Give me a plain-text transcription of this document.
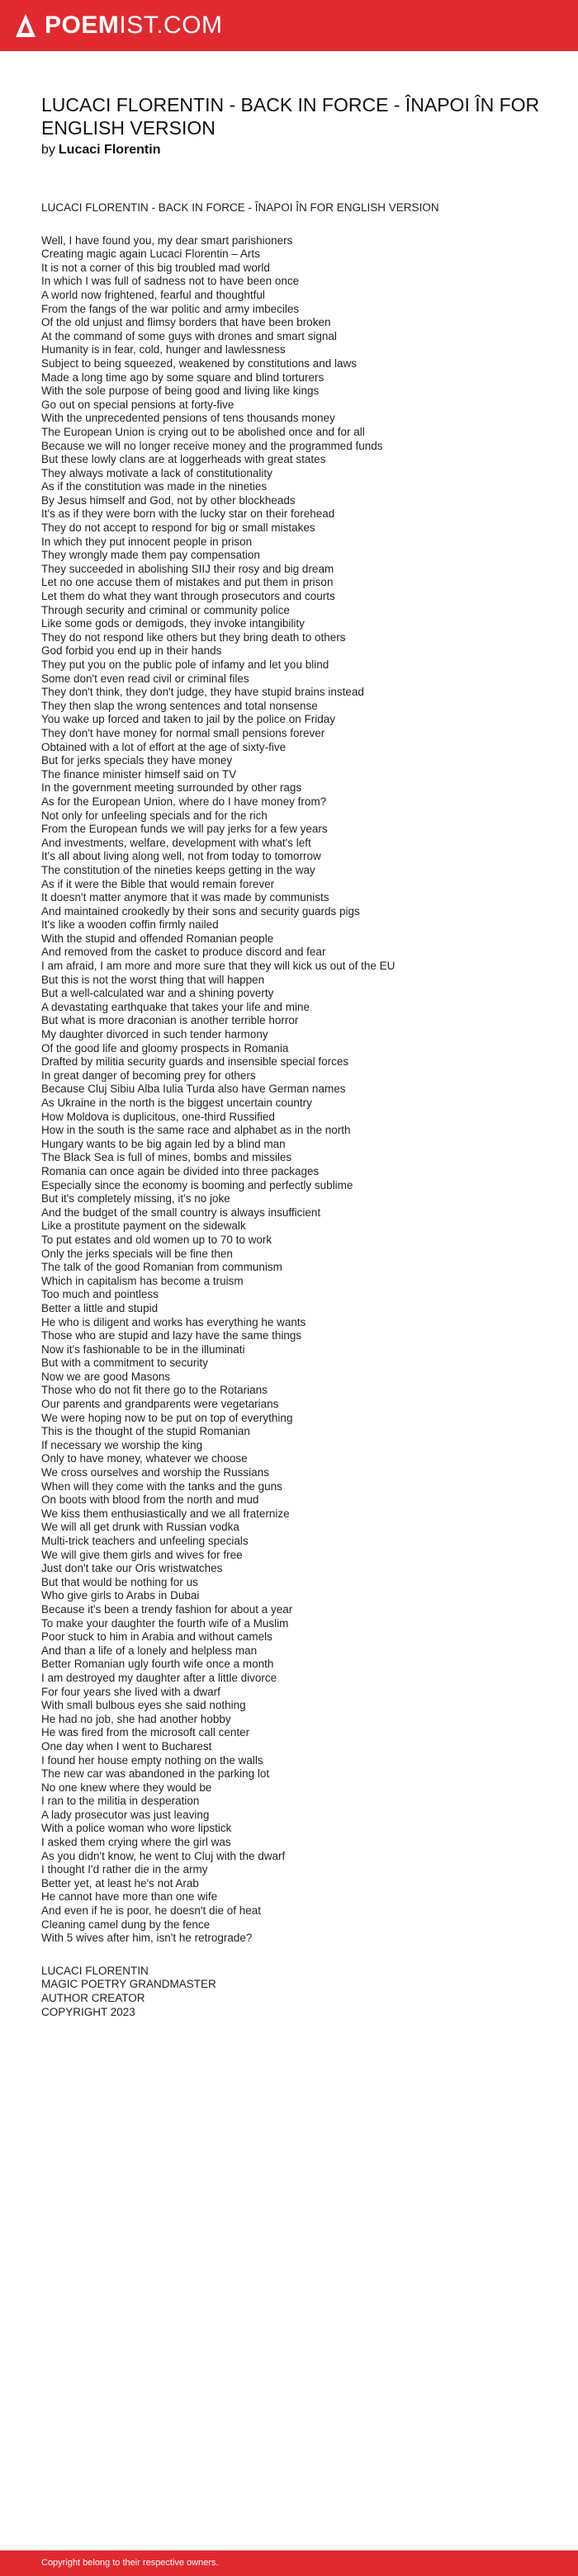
POEMIST.COM
LUCACI FLORENTIN - BACK IN FORCE - ÎNAPOI ÎN FOR ENGLISH VERSION
by Lucaci Florentin
LUCACI FLORENTIN - BACK IN FORCE - ÎNAPOI ÎN FOR ENGLISH VERSION
Well, I have found you, my dear smart parishioners
Creating magic again Lucaci Florentin – Arts
It is not a corner of this big troubled mad world
In which I was full of sadness not to have been once
A world now frightened, fearful and thoughtful
From the fangs of the war politic and army imbeciles
Of the old unjust and flimsy borders that have been broken
At the command of some guys with drones and smart signal
Humanity is in fear, cold, hunger and lawlessness
Subject to being squeezed, weakened by constitutions and laws
Made a long time ago by some square and blind torturers
With the sole purpose of being good and living like kings
Go out on special pensions at forty-five
With the unprecedented pensions of tens thousands money
The European Union is crying out to be abolished once and for all
Because we will no longer receive money and the programmed funds
But these lowly clans are at loggerheads with great states
They always motivate a lack of constitutionality
As if the constitution was made in the nineties
By Jesus himself and God, not by other blockheads
It's as if they were born with the lucky star on their forehead
They do not accept to respond for big or small mistakes
In which they put innocent people in prison
They wrongly made them pay compensation
They succeeded in abolishing SIIJ their rosy and big dream
Let no one accuse them of mistakes and put them in prison
Let them do what they want through prosecutors and courts
Through security and criminal or community police
Like some gods or demigods, they invoke intangibility
They do not respond like others but they bring death to others
God forbid you end up in their hands
They put you on the public pole of infamy and let you blind
Some don't even read civil or criminal files
They don't think, they don't judge, they have stupid brains instead
They then slap the wrong sentences and total nonsense
You wake up forced and taken to jail by the police on Friday
They don't have money for normal small pensions forever
Obtained with a lot of effort at the age of sixty-five
But for jerks specials they have money
The finance minister himself said on TV
In the government meeting surrounded by other rags
As for the European Union, where do I have money from?
Not only for unfeeling specials and for the rich
From the European funds we will pay jerks for a few years
And investments, welfare, development with what's left
It's all about living along well, not from today to tomorrow
The constitution of the nineties keeps getting in the way
As if it were the Bible that would remain forever
It doesn't matter anymore that it was made by communists
And maintained crookedly by their sons and security guards pigs
It's like a wooden coffin firmly nailed
With the stupid and offended Romanian people
And removed from the casket to produce discord and fear
I am afraid, I am more and more sure that they will kick us out of the EU
But this is not the worst thing that will happen
But a well-calculated war and a shining poverty
A devastating earthquake that takes your life and mine
But what is more draconian is another terrible horror
My daughter divorced in such tender harmony
Of the good life and gloomy prospects in Romania
Drafted by militia security guards and insensible special forces
In great danger of becoming prey for others
Because Cluj Sibiu Alba Iulia Turda also have German names
As Ukraine in the north is the biggest uncertain country
How Moldova is duplicitous, one-third Russified
How in the south is the same race and alphabet as in the north
Hungary wants to be big again led by a blind man
The Black Sea is full of mines, bombs and missiles
Romania can once again be divided into three packages
Especially since the economy is booming and perfectly sublime
But it's completely missing, it's no joke
And the budget of the small country is always insufficient
Like a prostitute payment on the sidewalk
To put estates and old women up to 70 to work
Only the jerks specials will be fine then
The talk of the good Romanian from communism
Which in capitalism has become a truism
Too much and pointless
Better a little and stupid
He who is diligent and works has everything he wants
Those who are stupid and lazy have the same things
Now it's fashionable to be in the illuminati
But with a commitment to security
Now we are good Masons
Those who do not fit there go to the Rotarians
Our parents and grandparents were vegetarians
We were hoping now to be put on top of everything
This is the thought of the stupid Romanian
If necessary we worship the king
Only to have money, whatever we choose
We cross ourselves and worship the Russians
When will they come with the tanks and the guns
On boots with blood from the north and mud
We kiss them enthusiastically and we all fraternize
We will all get drunk with Russian vodka
Multi-trick teachers and unfeeling specials
We will give them girls and wives for free
Just don't take our Oris wristwatches
But that would be nothing for us
Who give girls to Arabs in Dubai
Because it's been a trendy fashion for about a year
To make your daughter the fourth wife of a Muslim
Poor stuck to him in Arabia and without camels
And than a life of a lonely and helpless man
Better Romanian ugly fourth wife once a month
I am destroyed my daughter after a little divorce
For four years she lived with a dwarf
With small bulbous eyes she said nothing
He had no job, she had another hobby
He was fired from the microsoft call center
One day when I went to Bucharest
I found her house empty nothing on the walls
The new car was abandoned in the parking lot
No one knew where they would be
I ran to the militia in desperation
A lady prosecutor was just leaving
With a police woman who wore lipstick
I asked them crying where the girl was
As you didn't know, he went to Cluj with the dwarf
I thought I'd rather die in the army
Better yet, at least he's not Arab
He cannot have more than one wife
And even if he is poor, he doesn't die of heat
Cleaning camel dung by the fence
With 5 wives after him, isn't he retrograde?
LUCACI FLORENTIN
MAGIC POETRY GRANDMASTER
AUTHOR CREATOR
COPYRIGHT 2023
Copyright belong to their respective owners.
